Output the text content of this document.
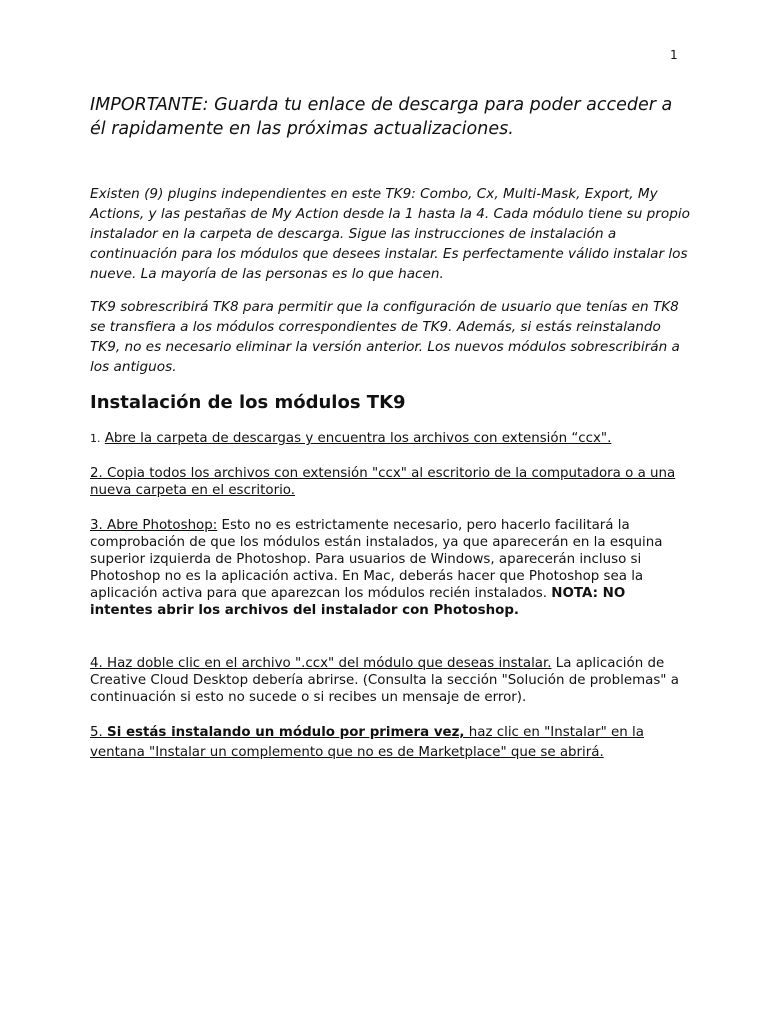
1
IMPORTANTE: Guarda tu enlace de descarga para poder acceder a él rapidamente en las próximas actualizaciones.

Existen (9) plugins independientes en este TK9: Combo, Cx, Multi-Mask, Export, My Actions, y las pestañas de My Action desde la 1 hasta la 4. Cada módulo tiene su propio instalador en la carpeta de descarga. Sigue las instrucciones de instalación a continuación para los módulos que desees instalar. Es perfectamente válido instalar los nueve. La mayoría de las personas es lo que hacen.

TK9 sobrescribirá TK8 para permitir que la configuración de usuario que tenías en TK8 se transfiera a los módulos correspondientes de TK9. Además, si estás reinstalando TK9, no es necesario eliminar la versión anterior. Los nuevos módulos sobrescribirán a los antiguos.

Instalación de los módulos TK9
1. Abre la carpeta de descargas y encuentra los archivos con extensión “ccx".
2. Copia todos los archivos con extensión "ccx" al escritorio de la computadora o a una nueva carpeta en el escritorio.
3. Abre Photoshop: Esto no es estrictamente necesario, pero hacerlo facilitará la comprobación de que los módulos están instalados, ya que aparecerán en la esquina superior izquierda de Photoshop. Para usuarios de Windows, aparecerán incluso si Photoshop no es la aplicación activa. En Mac, deberás hacer que Photoshop sea la aplicación activa para que aparezcan los módulos recién instalados. NOTA: NO intentes abrir los archivos del instalador con Photoshop.
4. Haz doble clic en el archivo ".ccx" del módulo que deseas instalar. La aplicación de Creative Cloud Desktop debería abrirse. (Consulta la sección "Solución de problemas" a continuación si esto no sucede o si recibes un mensaje de error).
5. Si estás instalando un módulo por primera vez, haz clic en "Instalar" en la ventana "Instalar un complemento que no es de Marketplace" que se abrirá.
